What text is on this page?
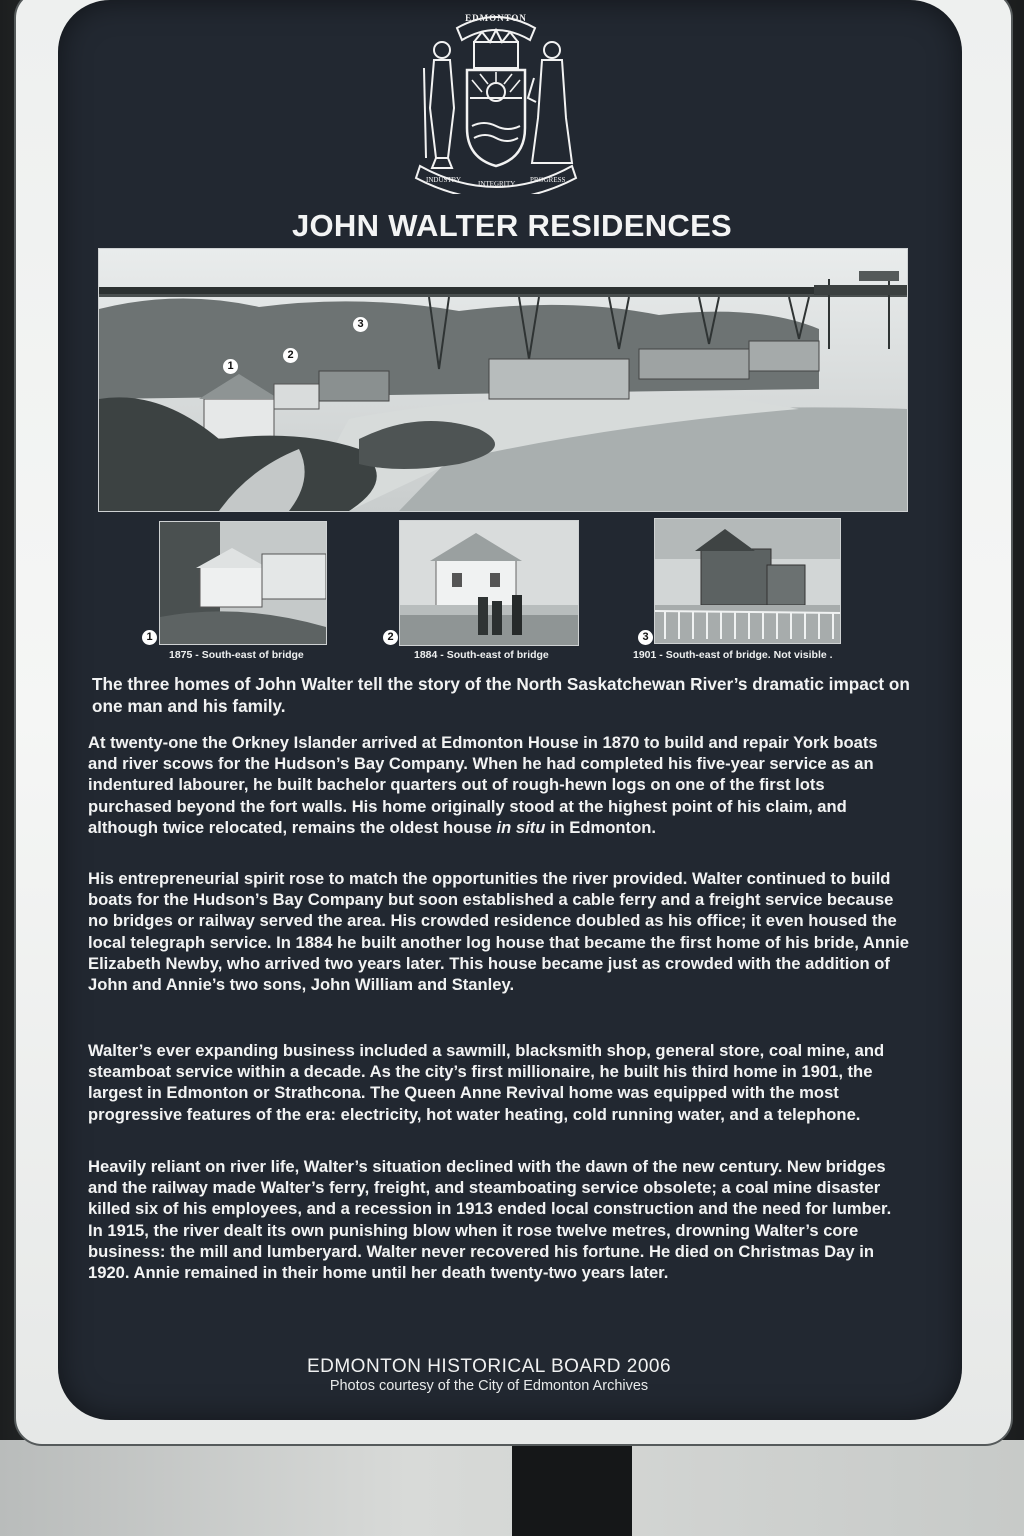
EDMONTON
INDUSTRY INTEGRITY PROGRESS
JOHN WALTER RESIDENCES
1
2
3
1
1875 - South-east of bridge
2
1884 - South-east of bridge
3
1901 - South-east of bridge. Not visible .

The three homes of John Walter tell the story of the North Saskatchewan River’s dramatic impact on one man and his family.

At twenty-one the Orkney Islander arrived at Edmonton House in 1870 to build and repair York boats and river scows for the Hudson’s Bay Company. When he had completed his five-year service as an indentured labourer, he built bachelor quarters out of rough-hewn logs on one of the first lots purchased beyond the fort walls. His home originally stood at the highest point of his claim, and although twice relocated, remains the oldest house in situ in Edmonton.

His entrepreneurial spirit rose to match the opportunities the river provided. Walter continued to build boats for the Hudson’s Bay Company but soon established a cable ferry and a freight service because no bridges or railway served the area. His crowded residence doubled as his office; it even housed the local telegraph service. In 1884 he built another log house that became the first home of his bride, Annie Elizabeth Newby, who arrived two years later. This house became just as crowded with the addition of John and Annie’s two sons, John William and Stanley.

Walter’s ever expanding business included a sawmill, blacksmith shop, general store, coal mine, and steamboat service within a decade. As the city’s first millionaire, he built his third home in 1901, the largest in Edmonton or Strathcona. The Queen Anne Revival home was equipped with the most progressive features of the era: electricity, hot water heating, cold running water, and a telephone.

Heavily reliant on river life, Walter’s situation declined with the dawn of the new century. New bridges and the railway made Walter’s ferry, freight, and steamboating service obsolete; a coal mine disaster killed six of his employees, and a recession in 1913 ended local construction and the need for lumber. In 1915, the river dealt its own punishing blow when it rose twelve metres, drowning Walter’s core business: the mill and lumberyard. Walter never recovered his fortune. He died on Christmas Day in 1920. Annie remained in their home until her death twenty-two years later.

EDMONTON HISTORICAL BOARD 2006
Photos courtesy of the City of Edmonton Archives
